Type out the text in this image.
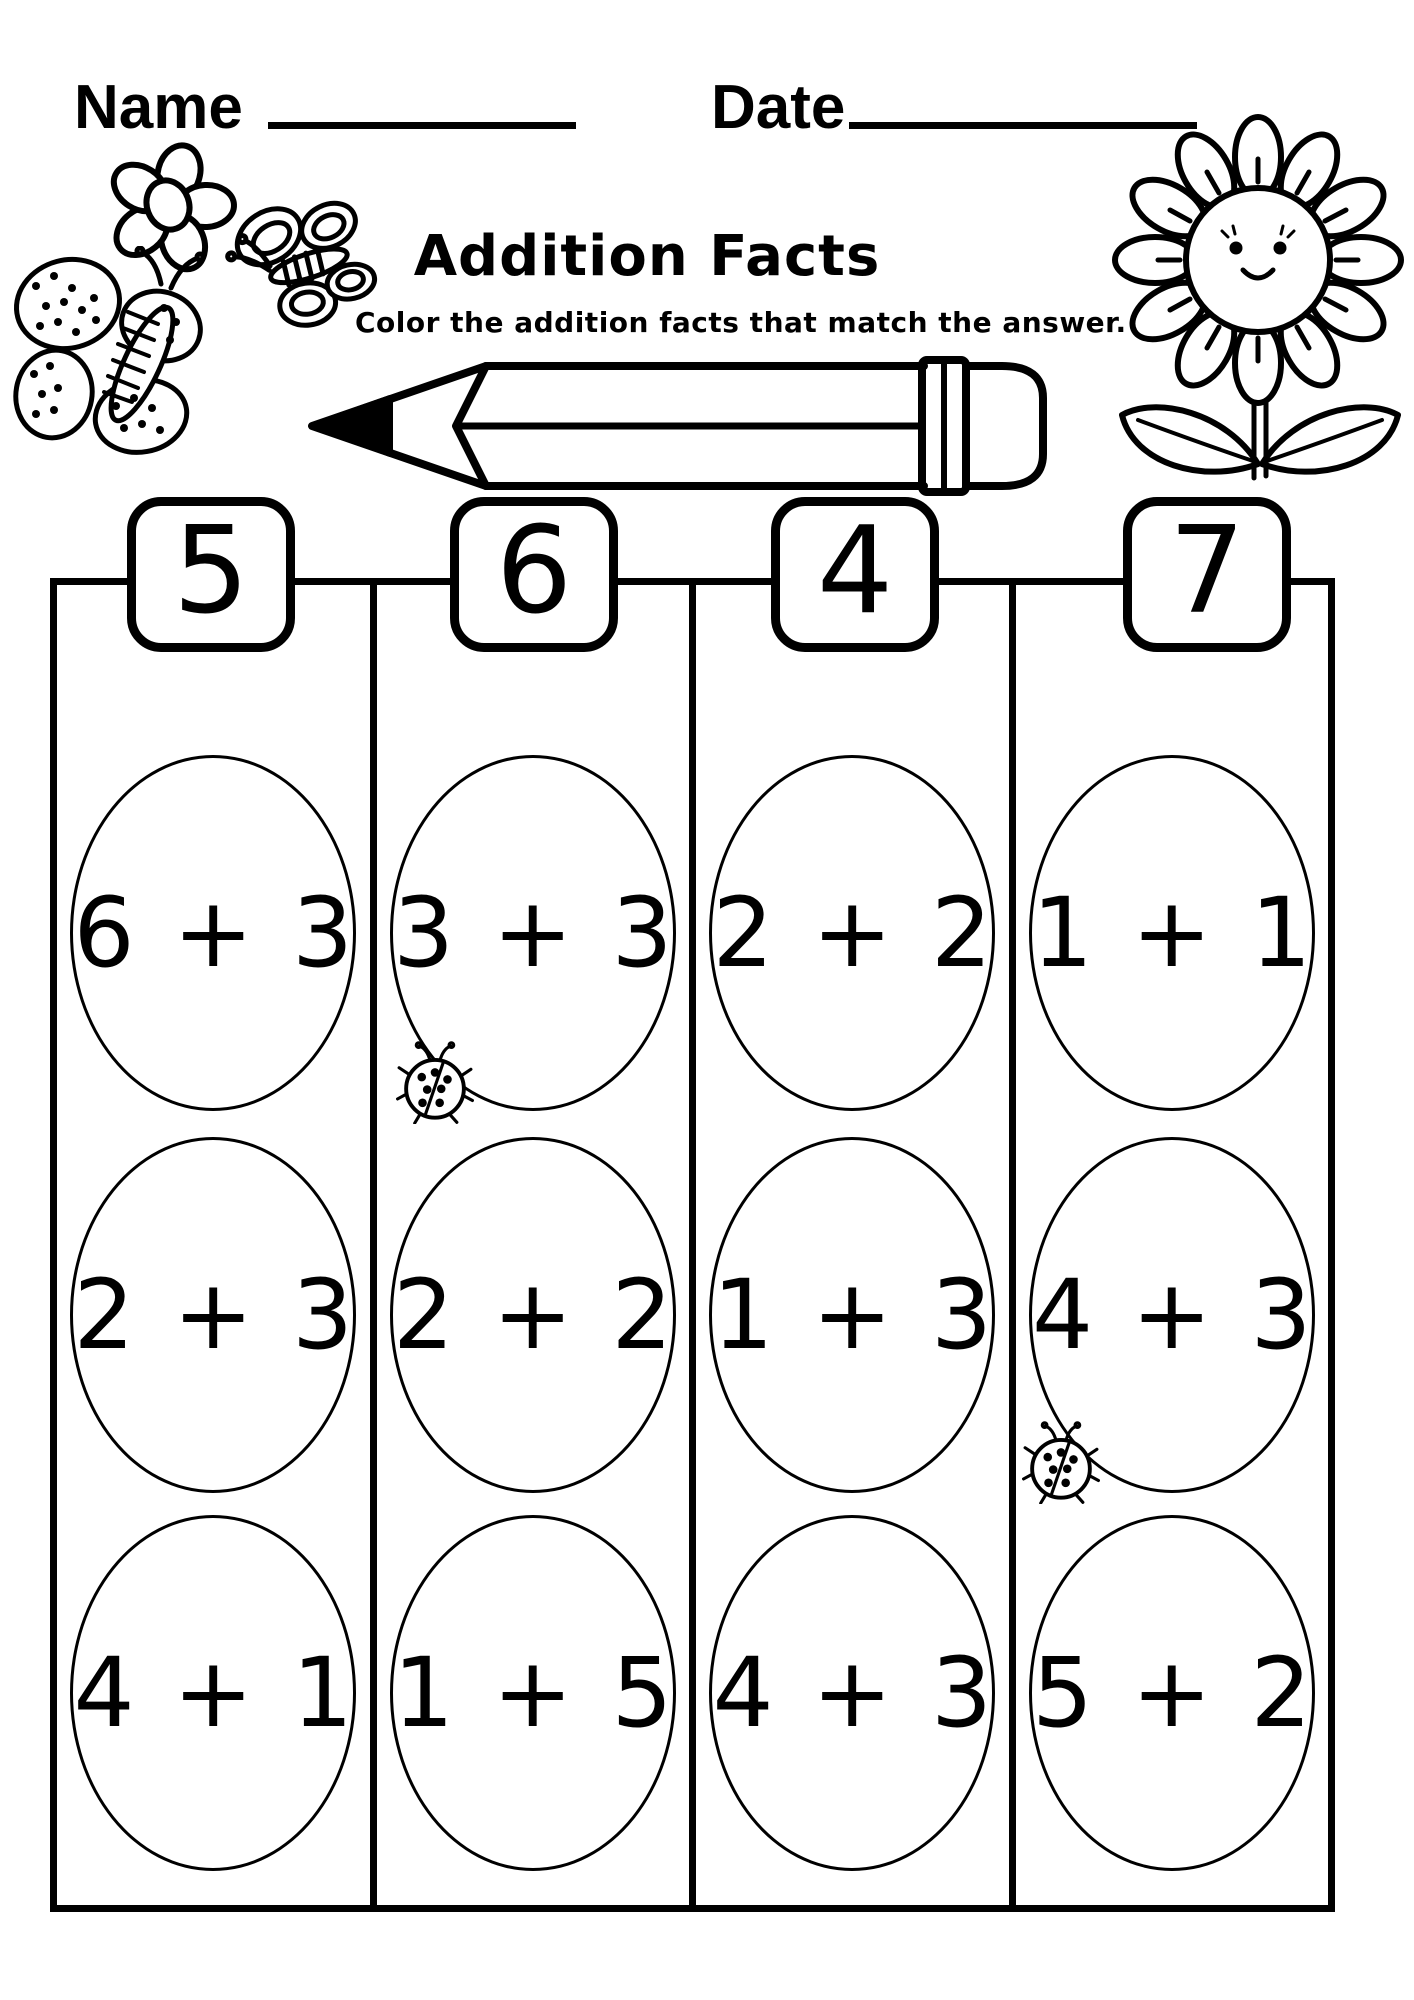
Name	Date
Addition Facts
Color the addition facts that match the answer.
5 6 4 7
6 + 3
2 + 3
4 + 1
3 + 3
2 + 2
1 + 5
2 + 2
1 + 3
4 + 3
1 + 1
4 + 3
5 + 2
